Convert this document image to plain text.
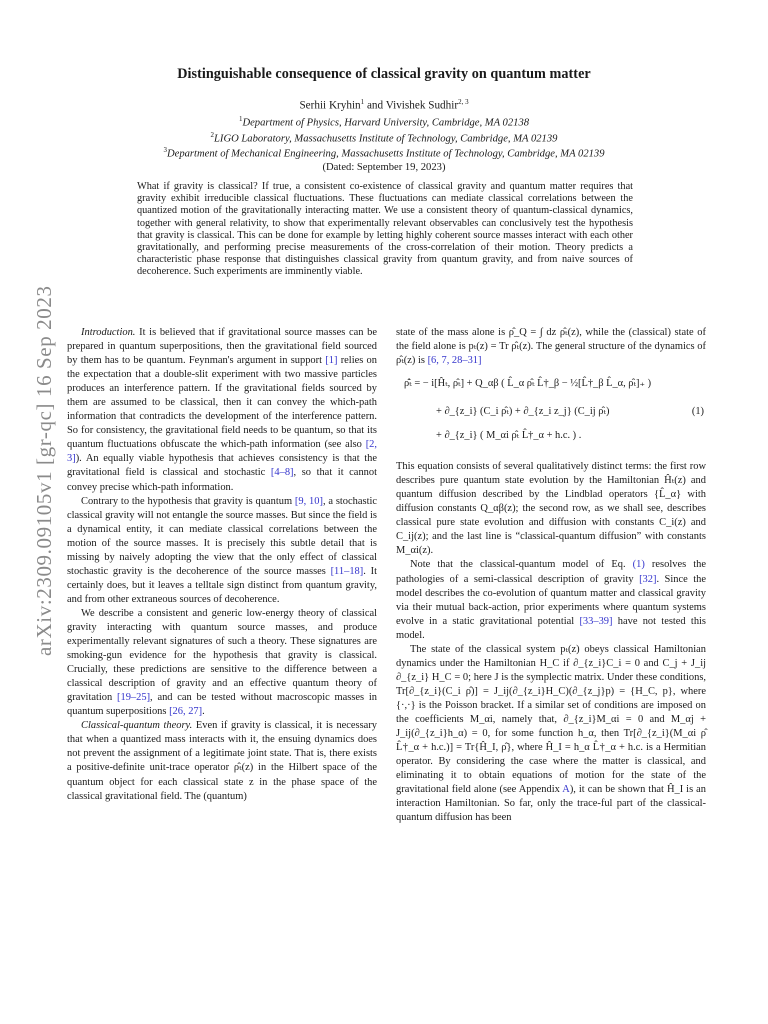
Distinguishable consequence of classical gravity on quantum matter
Serhii Kryhin$^1$ and Vivishek Sudhir$^{2, 3}$
$^1$Department of Physics, Harvard University, Cambridge, MA 02138
$^2$LIGO Laboratory, Massachusetts Institute of Technology, Cambridge, MA 02139
$^3$Department of Mechanical Engineering, Massachusetts Institute of Technology, Cambridge, MA 02139
(Dated: September 19, 2023)
What if gravity is classical? If true, a consistent co-existence of classical gravity and quantum matter requires that gravity exhibit irreducible classical fluctuations. These fluctuations can mediate classical correlations between the quantized motion of the gravitationally interacting matter. We use a consistent theory of quantum-classical dynamics, together with general relativity, to show that experimentally relevant observables can conclusively test the hypothesis that gravity is classical. This can be done for example by letting highly coherent source masses interact with each other gravitationally, and performing precise measurements of the cross-correlation of their motion. Theory predicts a characteristic phase response that distinguishes classical gravity from quantum gravity, and from naive sources of decoherence. Such experiments are imminently viable.
arXiv:2309.09105v1 [gr-qc] 16 Sep 2023	Introduction. It is believed that if gravitational source masses can be prepared in quantum superpositions, then the gravitational field sourced by them has to be quantum. Feynman's argument in support [1] relies on the expectation that a double-slit experiment with two massive particles produces an interference pattern. If the gravitational fields sourced by them are assumed to be classical, then it can convey the which-path information that contradicts the development of the interference pattern. So for consistency, the gravitational field needs to be quantum, so that its quantum fluctuations obfuscate the which-path information (see also [2, 3]). An equally viable hypothesis that achieves consistency is that the gravitational field is classical and stochastic [4–8], so that it cannot convey precise which-path information.

Contrary to the hypothesis that gravity is quantum [9, 10], a stochastic classical gravity will not entangle the source masses. But since the field is a dynamical entity, it can mediate classical correlations between the motion of the source masses. It is precisely this subtle detail that is missing by naively adopting the view that the only effect of classical stochastic gravity is the decoherence of the source masses [11–18]. It certainly does, but it leaves a telltale sign distinct from quantum gravity, and from other extraneous sources of decoherence.

We describe a consistent and generic low-energy theory of classical gravity interacting with quantum source masses, and produce experimentally relevant signatures of such a theory. These signatures are smoking-gun evidence for the hypothesis that gravity is classical. Crucially, these predictions are sensitive to the difference between a classical description of gravity and an effective quantum theory of gravitation [19–25], and can be tested without macroscopic masses in quantum superpositions [26, 27].

Classical-quantum theory. Even if gravity is classical, it is necessary that when a quantized mass interacts with it, the ensuing dynamics does not prevent the assignment of a legitimate joint state. That is, there exists a positive-definite unit-trace operator ρ̂ₜ(z) in the Hilbert space of the quantum object for each classical state z in the phase space of the classical gravitational field. The (quantum)

state of the mass alone is ρ̂_Q = ∫ dz ρ̂ₜ(z), while the (classical) state of the field alone is pₜ(z) = Tr ρ̂ₜ(z). The general structure of the dynamics of ρ̂ₜ(z) is [6, 7, 28–31]

ρ̂̇ₜ = − i[Ĥₜ, ρ̂ₜ] + Q_αβ ( L̂_α ρ̂ₜ L̂†_β − ½[L̂†_β L̂_α, ρ̂ₜ]₊ )
+ ∂_{z_i} (C_i ρ̂ₜ) + ∂_{z_i z_j} (C_ij ρ̂ₜ)
+ ∂_{z_i} ( M_αi ρ̂ₜ L̂†_α + h.c. ) .
(1)

This equation consists of several qualitatively distinct terms: the first row describes pure quantum state evolution by the Hamiltonian Ĥₜ(z) and quantum diffusion described by the Lindblad operators {L̂_α} with diffusion constants Q_αβ(z); the second row, as we shall see, describes classical pure state evolution and diffusion with constants C_i(z) and C_ij(z); and the last line is “classical-quantum diffusion” with constants M_αi(z).

Note that the classical-quantum model of Eq. (1) resolves the pathologies of a semi-classical description of gravity [32]. Since the model describes the co-evolution of quantum matter and classical gravity via their mutual back-action, prior experiments where quantum systems evolve in a static gravitational potential [33–39] have not tested this model.

The state of the classical system pₜ(z) obeys classical Hamiltonian dynamics under the Hamiltonian H_C if ∂_{z_i}C_i = 0 and C_j + J_ij ∂_{z_i} H_C = 0; here J is the symplectic matrix. Under these conditions, Tr[∂_{z_i}(C_i ρ̂)] = J_ij(∂_{z_i}H_C)(∂_{z_j}p) = {H_C, p}, where {·,·} is the Poisson bracket. If a similar set of conditions are imposed on the coefficients M_αi, namely that, ∂_{z_i}M_αi = 0 and M_αj + J_ij(∂_{z_i}h_α) = 0, for some function h_α, then Tr[∂_{z_i}(M_αi ρ̂ L̂†_α + h.c.)] = Tr{Ĥ_I, ρ̂}, where Ĥ_I = h_α L̂†_α + h.c. is a Hermitian operator. By considering the case where the matter is classical, and eliminating it to obtain equations of motion for the state of the gravitational field alone (see Appendix A), it can be shown that Ĥ_I is an interaction Hamiltonian. So far, only the trace-ful part of the classical-quantum diffusion has been
